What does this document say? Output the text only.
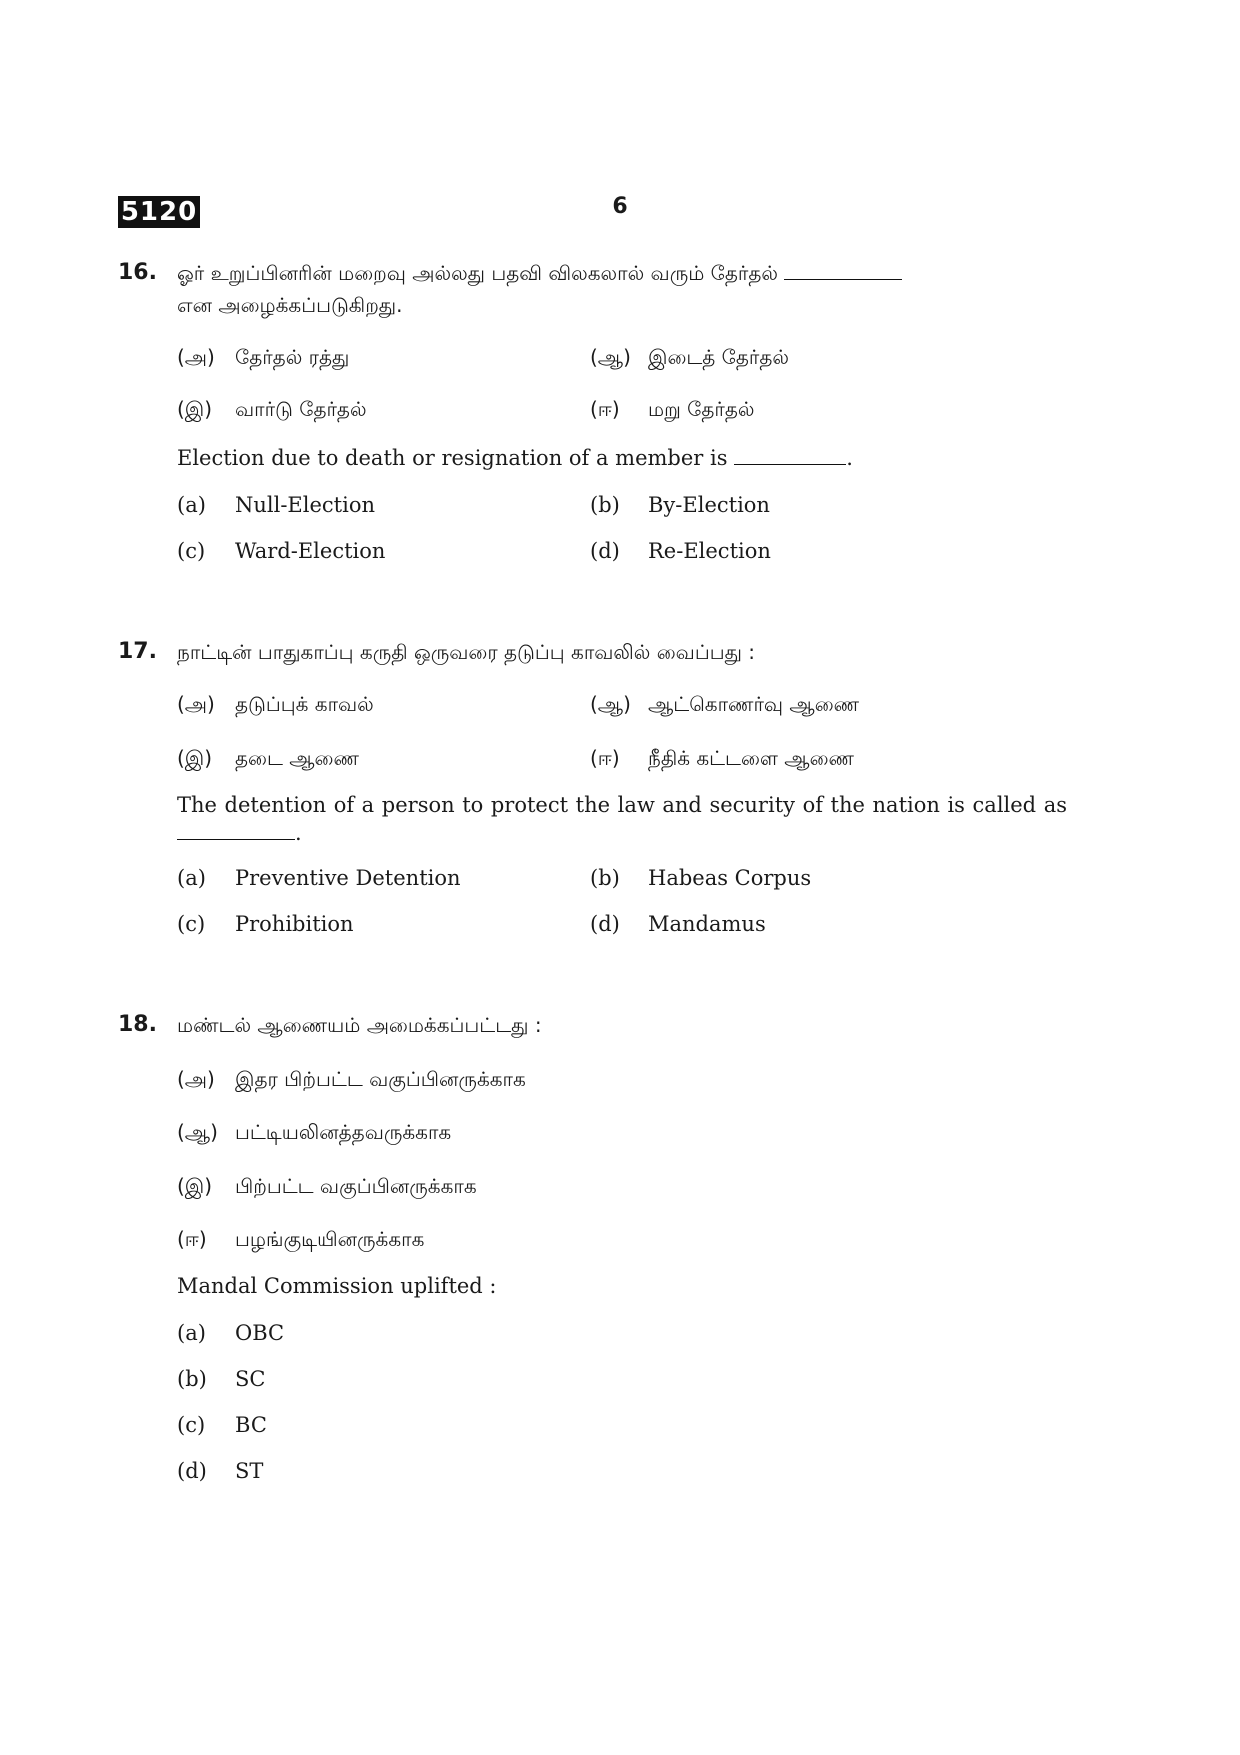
5120	6
16. ஓர் உறுப்பினரின் மறைவு அல்லது பதவி விலகலால் வரும் தேர்தல்
என அழைக்கப்படுகிறது.
(அ) தேர்தல் ரத்து	(ஆ) இடைத் தேர்தல்
(இ) வார்டு தேர்தல்	(ஈ) மறு தேர்தல்
Election due to death or resignation of a member is	.
(a) Null-Election	(b) By-Election
(c) Ward-Election	(d) Re-Election
17. நாட்டின் பாதுகாப்பு கருதி ஒருவரை தடுப்பு காவலில் வைப்பது :
(அ) தடுப்புக் காவல்	(ஆ) ஆட்கொணர்வு ஆணை
(இ) தடை ஆணை	(ஈ) நீதிக் கட்டளை ஆணை
The detention of a person to protect the law and security of the nation is called as .
(a) Preventive Detention	(b) Habeas Corpus
(c) Prohibition	(d) Mandamus
18. மண்டல் ஆணையம் அமைக்கப்பட்டது :
(அ) இதர பிற்பட்ட வகுப்பினருக்காக
(ஆ) பட்டியலினத்தவருக்காக
(இ) பிற்பட்ட வகுப்பினருக்காக
(ஈ) பழங்குடியினருக்காக
Mandal Commission uplifted :
(a) OBC
(b) SC
(c) BC
(d) ST
